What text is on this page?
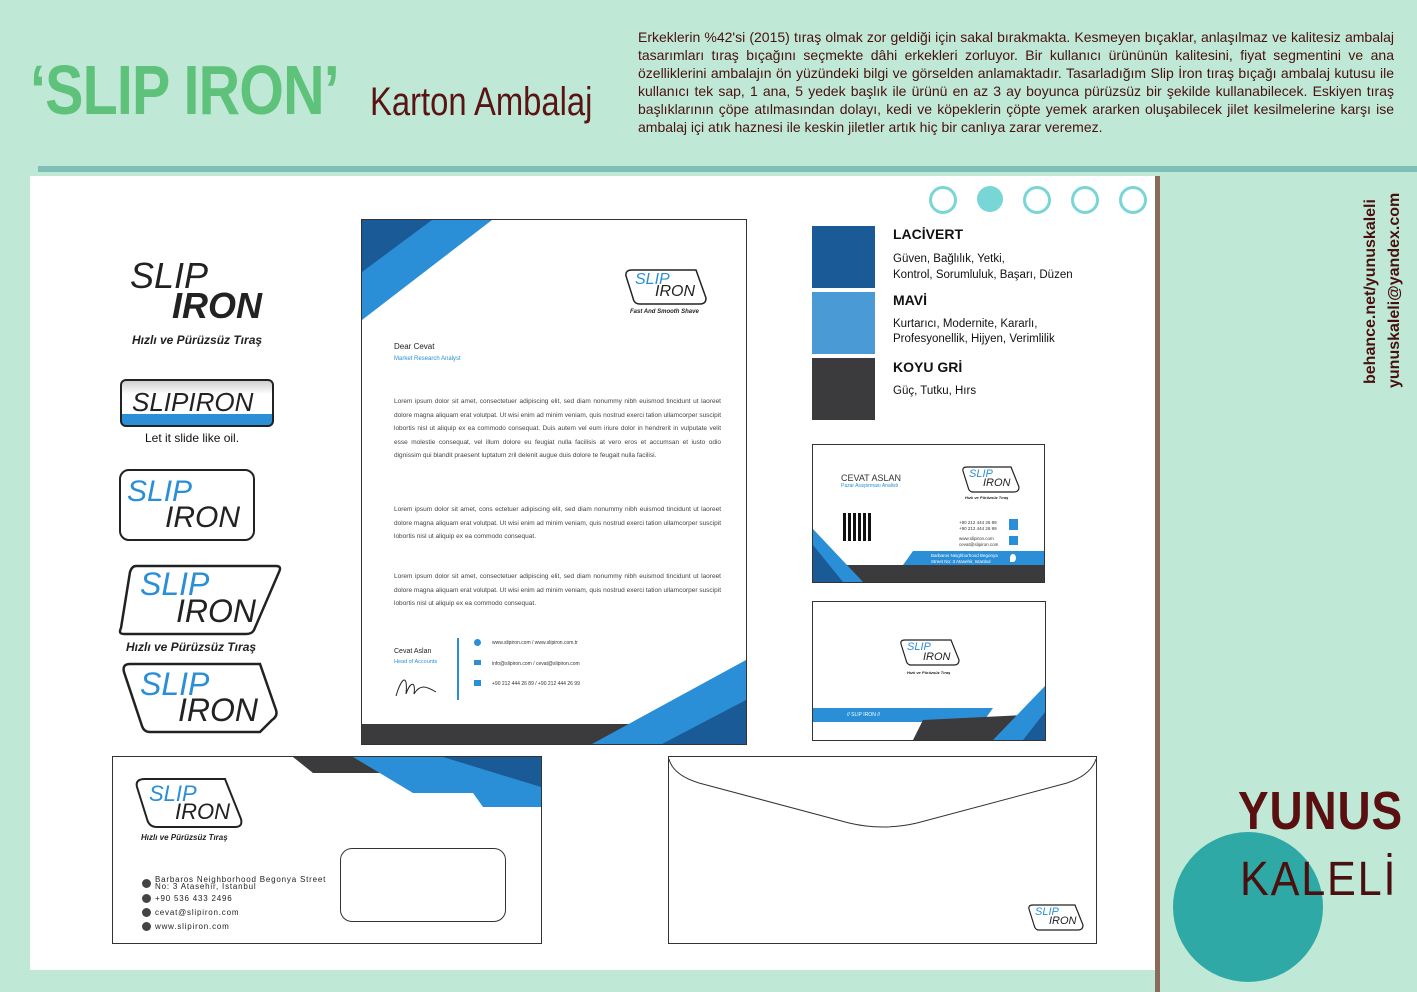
‘SLIP IRON’ Karton Ambalaj
Erkeklerin %42'si (2015) tıraş olmak zor geldiği için sakal bırakmakta. Kesmeyen bıçaklar, anlaşılmaz ve kalitesiz ambalaj tasarımları tıraş bıçağını seçmekte dâhi erkekleri zorluyor. Bir kullanıcı ürününün kalitesini, fiyat segmentini ve ana özelliklerini ambalajın ön yüzündeki bilgi ve görselden anlamaktadır. Tasarladığım Slip İron tıraş bıçağı ambalaj kutusu ile kullanıcı tek sap, 1 ana, 5 yedek başlık ile ürünü en az 3 ay boyunca pürüzsüz bir şekilde kullanabilecek. Eskiyen tıraş başlıklarının çöpe atılmasından dolayı, kedi ve köpeklerin çöpte yemek ararken oluşabilecek jilet kesilmelerine karşı ise ambalaj içi atık haznesi ile keskin jiletler artık hiç bir canlıya zarar veremez.
behance.net/yunuskaleli yunuskaleli@yandex.com
YUNUS
KALELİ
SLIP
IRON
Hızlı ve Pürüzsüz Tıraş
SLIPIRON
Let it slide like oil.
SLIP
IRON
SLIP
IRON
Hızlı ve Pürüzsüz Tıraş
SLIP
IRON
SLIP
IRON
Fast And Smooth Shave
Dear Cevat
Market Research Analyst
Lorem ipsum dolor sit amet, consectetuer adipiscing elit, sed diam nonummy nibh euismod tincidunt ut laoreet dolore magna aliquam erat volutpat. Ut wisi enim ad minim veniam, quis nostrud exerci tation ullamcorper suscipit lobortis nisl ut aliquip ex ea commodo consequat. Duis autem vel eum iriure dolor in hendrerit in vulputate velit esse molestie consequat, vel illum dolore eu feugiat nulla facilisis at vero eros et accumsan et iusto odio dignissim qui blandit praesent luptatum zril delenit augue duis dolore te feugait nulla facilisi.
Lorem ipsum dolor sit amet, cons ectetuer adipiscing elit, sed diam nonummy nibh euismod tincidunt ut laoreet dolore magna aliquam erat volutpat. Ut wisi enim ad minim veniam, quis nostrud exerci tation ullamcorper suscipit lobortis nisl ut aliquip ex ea commodo consequat.
Lorem ipsum dolor sit amet, consectetuer adipiscing elit, sed diam nonummy nibh euismod tincidunt ut laoreet dolore magna aliquam erat volutpat. Ut wisi enim ad minim veniam, quis nostrud exerci tation ullamcorper suscipit lobortis nisl ut aliquip ex ea commodo consequat.
Cevat Aslan
Head of Accounts
www.slipiron.com / www.slipiron.com.tr
info@slipiron.com / cevat@slipiron.com
+90 212 444 26 89 / +90 212 444 26 99
LACİVERT
Güven, Bağlılık, Yetki,
Kontrol, Sorumluluk, Başarı, Düzen
MAVİ
Kurtarıcı, Modernite, Kararlı,
Profesyonellik, Hijyen, Verimlilik
KOYU GRİ
Güç, Tutku, Hırs
CEVAT ASLAN
Pazar Araştırması Analisti
SLIP
IRON
Hızlı ve Pürüzsüz Tıraş
+90 212 444 26 89
+90 212 444 26 99
www.slipiron.com
cevat@slipiron.com
Barbaros Neighborhood Begonya
Street No: 3 Atasehir, Istanbul
SLIP
IRON
Hızlı ve Pürüzsüz Tıraş
// SLIP IRON //
SLIP
IRON
Hızlı ve Pürüzsüz Tıraş
Barbaros Neighborhood Begonya Street
No: 3 Atasehir, Istanbul
+90 536 433 2496
cevat@slipiron.com
www.slipiron.com
SLIP
IRON
